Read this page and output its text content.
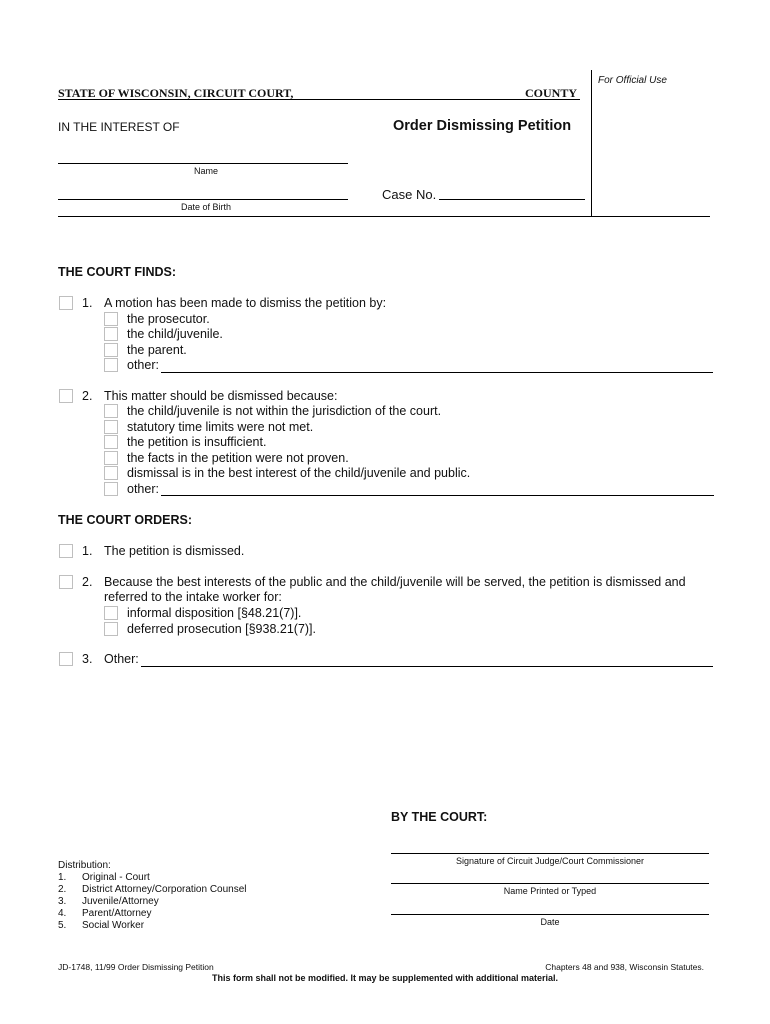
STATE OF WISCONSIN, CIRCUIT COURT,	COUNTY
For Official Use
IN THE INTEREST OF	Order Dismissing Petition
Name
Date of Birth
Case No.
THE COURT FINDS:
1. A motion has been made to dismiss the petition by:
the prosecutor.
the child/juvenile.
the parent.
other:
2. This matter should be dismissed because:
the child/juvenile is not within the jurisdiction of the court.
statutory time limits were not met.
the petition is insufficient.
the facts in the petition were not proven.
dismissal is in the best interest of the child/juvenile and public.
other:
THE COURT ORDERS:
1. The petition is dismissed.
2. Because the best interests of the public and the child/juvenile will be served, the petition is dismissed and
referred to the intake worker for:
informal disposition [§48.21(7)].
deferred prosecution [§938.21(7)].
3. Other:
BY THE COURT:
Signature of Circuit Judge/Court Commissioner
Name Printed or Typed
Date
Distribution:
1. Original - Court
2. District Attorney/Corporation Counsel
3. Juvenile/Attorney
4. Parent/Attorney
5. Social Worker
JD-1748, 11/99 Order Dismissing Petition	Chapters 48 and 938, Wisconsin Statutes.
This form shall not be modified. It may be supplemented with additional material.
